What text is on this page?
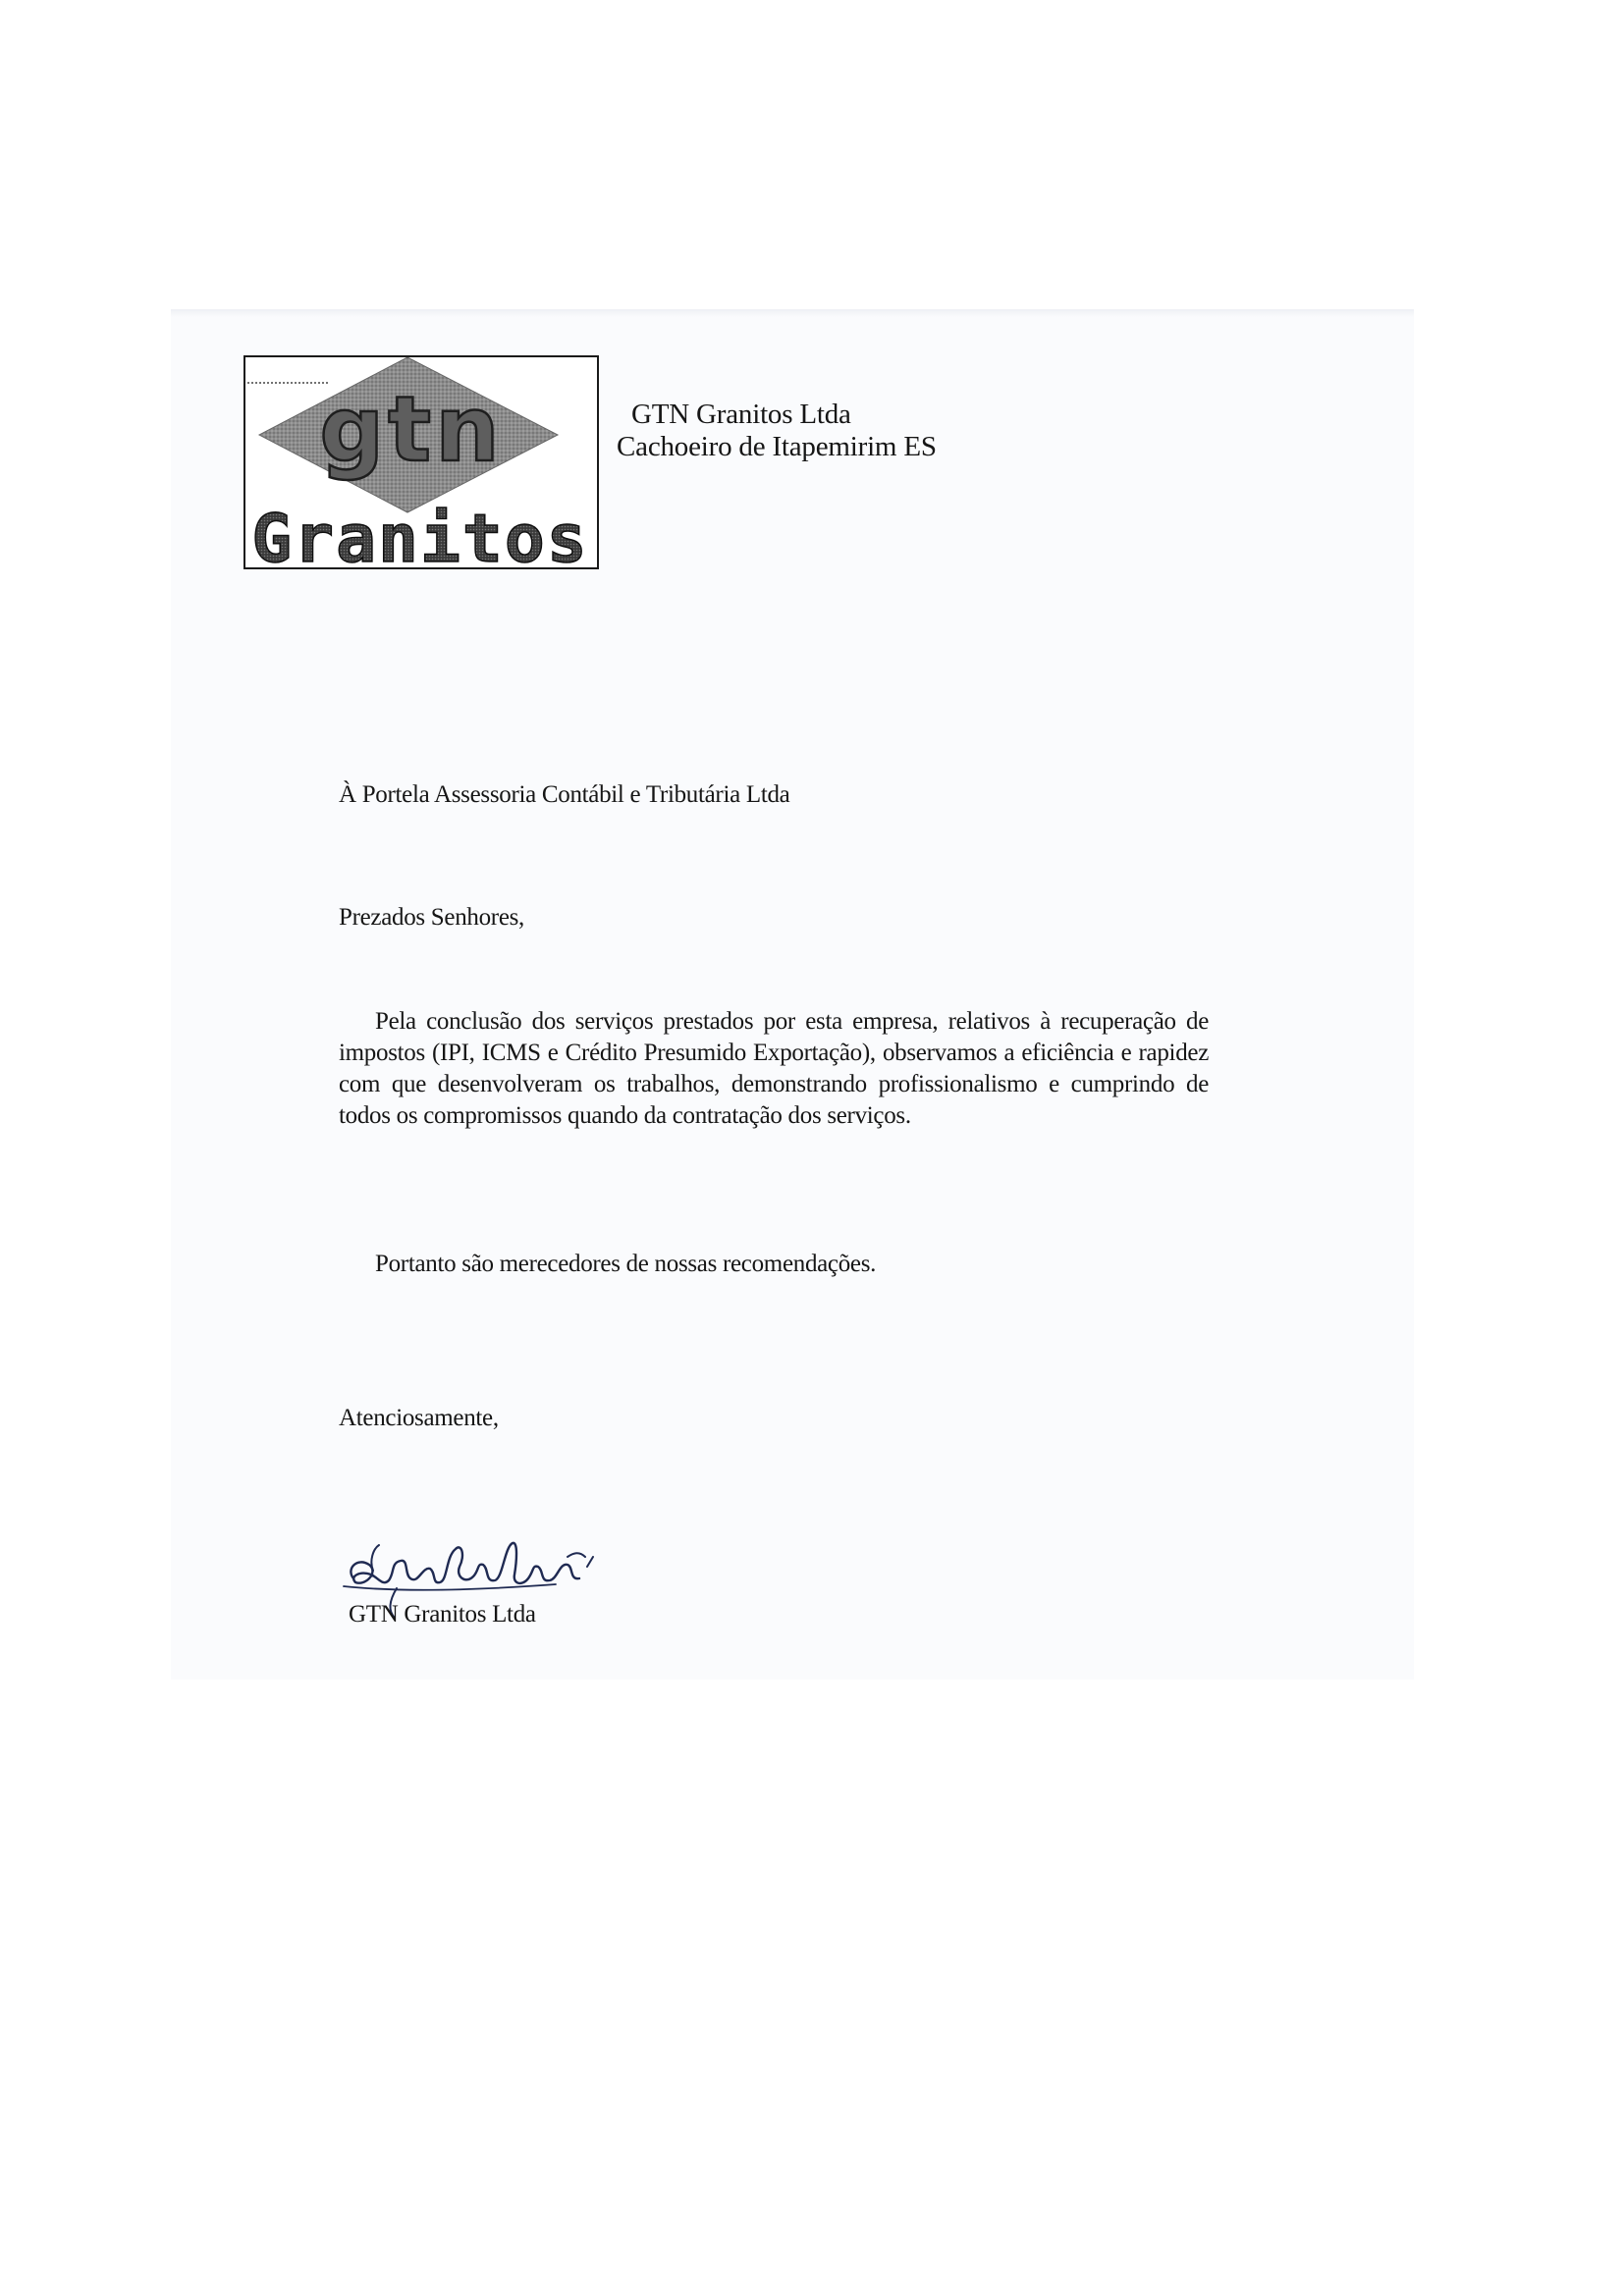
gtn
Granitos
GTN Granitos Ltda
Cachoeiro de Itapemirim ES
À Portela Assessoria Contábil e Tributária Ltda
Prezados Senhores,
Pela conclusão dos serviços prestados por esta empresa, relativos à recuperação de impostos (IPI, ICMS e Crédito Presumido Exportação), observamos a eficiência e rapidez com que desenvolveram os trabalhos, demonstrando profissionalismo e cumprindo de todos os compromissos quando da contratação dos serviços.
Portanto são merecedores de nossas recomendações.
Atenciosamente,
GTN Granitos Ltda
